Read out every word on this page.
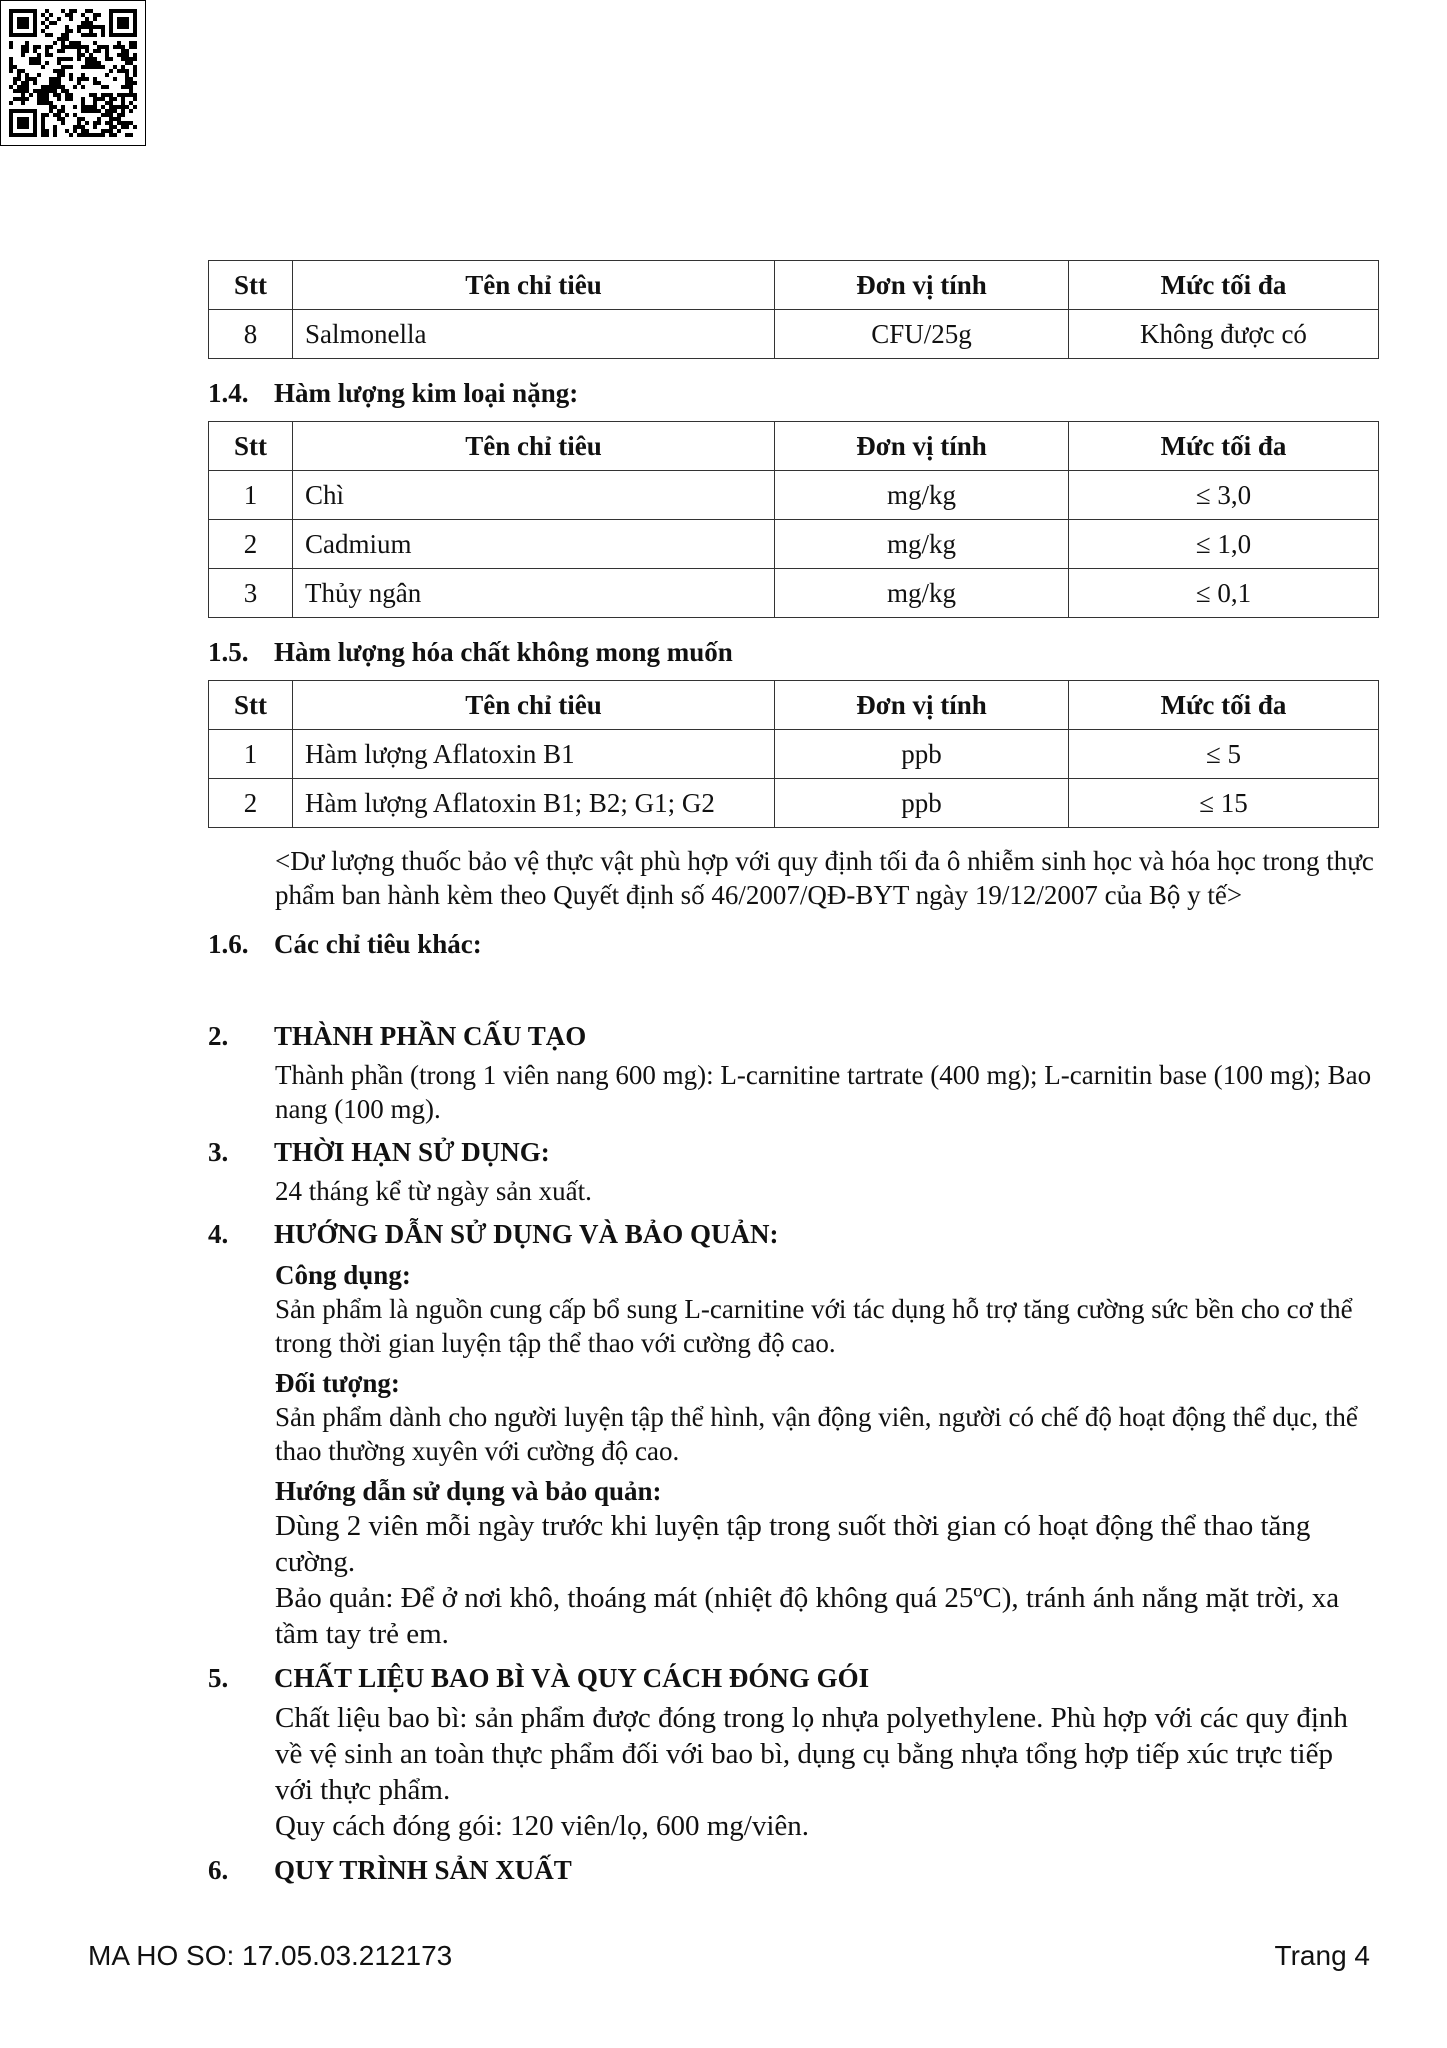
Stt	Tên chỉ tiêu	Đơn vị tính	Mức tối đa
8	Salmonella	CFU/25g	Không được có
1.4. Hàm lượng kim loại nặng:
Stt	Tên chỉ tiêu	Đơn vị tính	Mức tối đa
1	Chì	mg/kg	≤ 3,0
2	Cadmium	mg/kg	≤ 1,0
3	Thủy ngân	mg/kg	≤ 0,1
1.5. Hàm lượng hóa chất không mong muốn
Stt	Tên chỉ tiêu	Đơn vị tính	Mức tối đa
1	Hàm lượng Aflatoxin B1	ppb	≤ 5
2	Hàm lượng Aflatoxin B1; B2; G1; G2	ppb	≤ 15
<Dư lượng thuốc bảo vệ thực vật phù hợp với quy định tối đa ô nhiễm sinh học và hóa học trong thực phẩm ban hành kèm theo Quyết định số 46/2007/QĐ-BYT ngày 19/12/2007 của Bộ y tế>
1.6. Các chỉ tiêu khác:
2. THÀNH PHẦN CẤU TẠO
Thành phần (trong 1 viên nang 600 mg): L-carnitine tartrate (400 mg); L-carnitin base (100 mg); Bao nang (100 mg).
3. THỜI HẠN SỬ DỤNG:
24 tháng kể từ ngày sản xuất.
4. HƯỚNG DẪN SỬ DỤNG VÀ BẢO QUẢN:
Công dụng:
Sản phẩm là nguồn cung cấp bổ sung L-carnitine với tác dụng hỗ trợ tăng cường sức bền cho cơ thể trong thời gian luyện tập thể thao với cường độ cao.
Đối tượng:
Sản phẩm dành cho người luyện tập thể hình, vận động viên, người có chế độ hoạt động thể dục, thể thao thường xuyên với cường độ cao.
Hướng dẫn sử dụng và bảo quản:
Dùng 2 viên mỗi ngày trước khi luyện tập trong suốt thời gian có hoạt động thể thao tăng cường.
Bảo quản: Để ở nơi khô, thoáng mát (nhiệt độ không quá 25ºC), tránh ánh nắng mặt trời, xa tầm tay trẻ em.
5. CHẤT LIỆU BAO BÌ VÀ QUY CÁCH ĐÓNG GÓI
Chất liệu bao bì: sản phẩm được đóng trong lọ nhựa polyethylene. Phù hợp với các quy định về vệ sinh an toàn thực phẩm đối với bao bì, dụng cụ bằng nhựa tổng hợp tiếp xúc trực tiếp với thực phẩm.
Quy cách đóng gói: 120 viên/lọ, 600 mg/viên.
6. QUY TRÌNH SẢN XUẤT
MA HO SO: 17.05.03.212173	Trang 4
